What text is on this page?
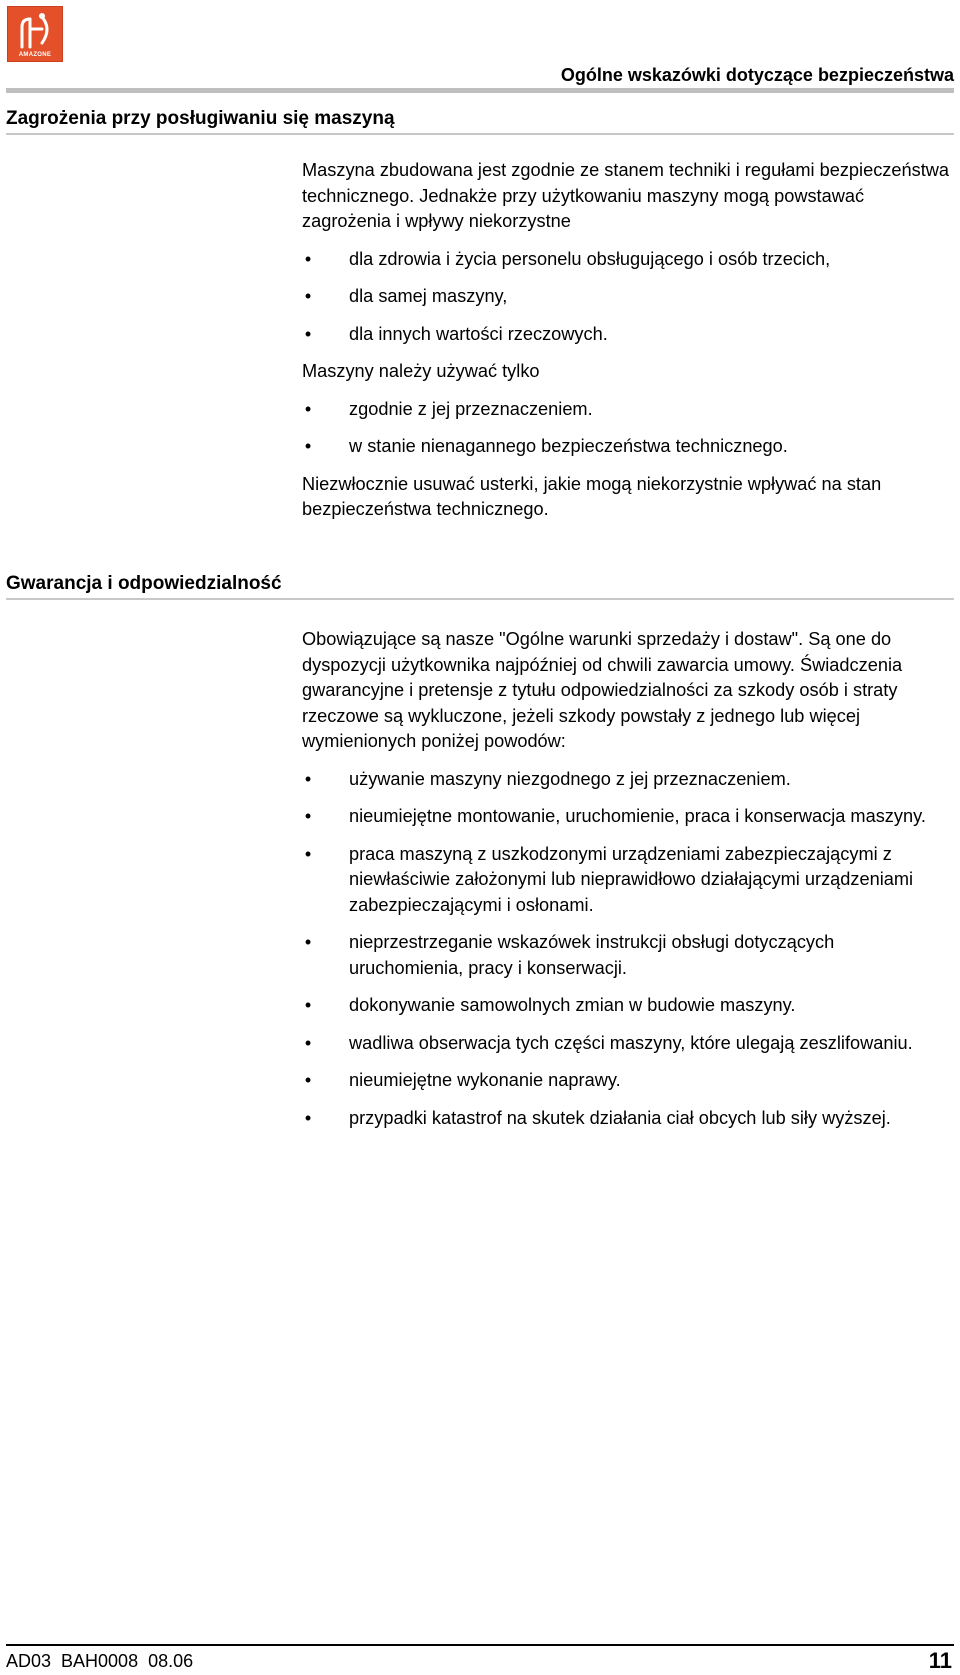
AMAZONE
Ogólne wskazówki dotyczące bezpieczeństwa
Zagrożenia przy posługiwaniu się maszyną

Maszyna zbudowana jest zgodnie ze stanem techniki i regułami bezpieczeństwa technicznego. Jednakże przy użytkowaniu maszyny mogą powstawać zagrożenia i wpływy niekorzystne

• dla zdrowia i życia personelu obsługującego i osób trzecich,
• dla samej maszyny,
• dla innych wartości rzeczowych.

Maszyny należy używać tylko

• zgodnie z jej przeznaczeniem.
• w stanie nienagannego bezpieczeństwa technicznego.

Niezwłocznie usuwać usterki, jakie mogą niekorzystnie wpływać na stan bezpieczeństwa technicznego.

Gwarancja i odpowiedzialność

Obowiązujące są nasze "Ogólne warunki sprzedaży i dostaw". Są one do dyspozycji użytkownika najpóźniej od chwili zawarcia umowy. Świadczenia gwarancyjne i pretensje z tytułu odpowiedzialności za szkody osób i straty rzeczowe są wykluczone, jeżeli szkody powstały z jednego lub więcej wymienionych poniżej powodów:

• używanie maszyny niezgodnego z jej przeznaczeniem.
• nieumiejętne montowanie, uruchomienie, praca i konserwacja maszyny.
• praca maszyną z uszkodzonymi urządzeniami zabezpieczającymi z niewłaściwie założonymi lub nieprawidłowo działającymi urządzeniami zabezpieczającymi i osłonami.
• nieprzestrzeganie wskazówek instrukcji obsługi dotyczących uruchomienia, pracy i konserwacji.
• dokonywanie samowolnych zmian w budowie maszyny.
• wadliwa obserwacja tych części maszyny, które ulegają zeszlifowaniu.
• nieumiejętne wykonanie naprawy.
• przypadki katastrof na skutek działania ciał obcych lub siły wyższej.
AD03  BAH0008  08.06	11
